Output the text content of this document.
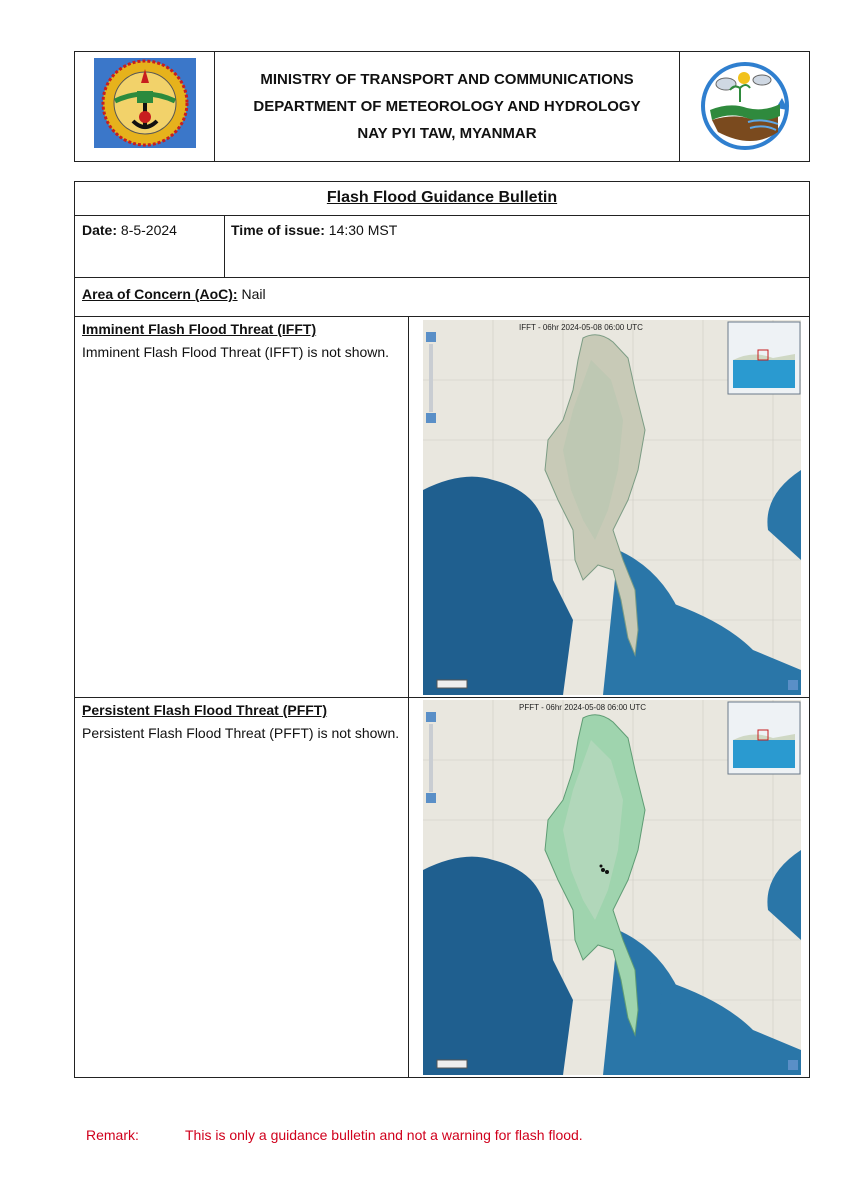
MINISTRY OF TRANSPORT AND COMMUNICATIONS
DEPARTMENT OF METEOROLOGY AND HYDROLOGY
NAY PYI TAW, MYANMAR
Flash Flood Guidance Bulletin
Date: 8-5-2024	Time of issue: 14:30 MST
Area of Concern (AoC): Nail
Imminent Flash Flood Threat (IFFT)
Imminent Flash Flood Threat (IFFT) is not shown.
IFFT - 06hr 2024-05-08 06:00 UTC
Persistent Flash Flood Threat (PFFT)
Persistent Flash Flood Threat (PFFT) is not shown.
PFFT - 06hr 2024-05-08 06:00 UTC
Remark:	This is only a guidance bulletin and not a warning for flash flood.
